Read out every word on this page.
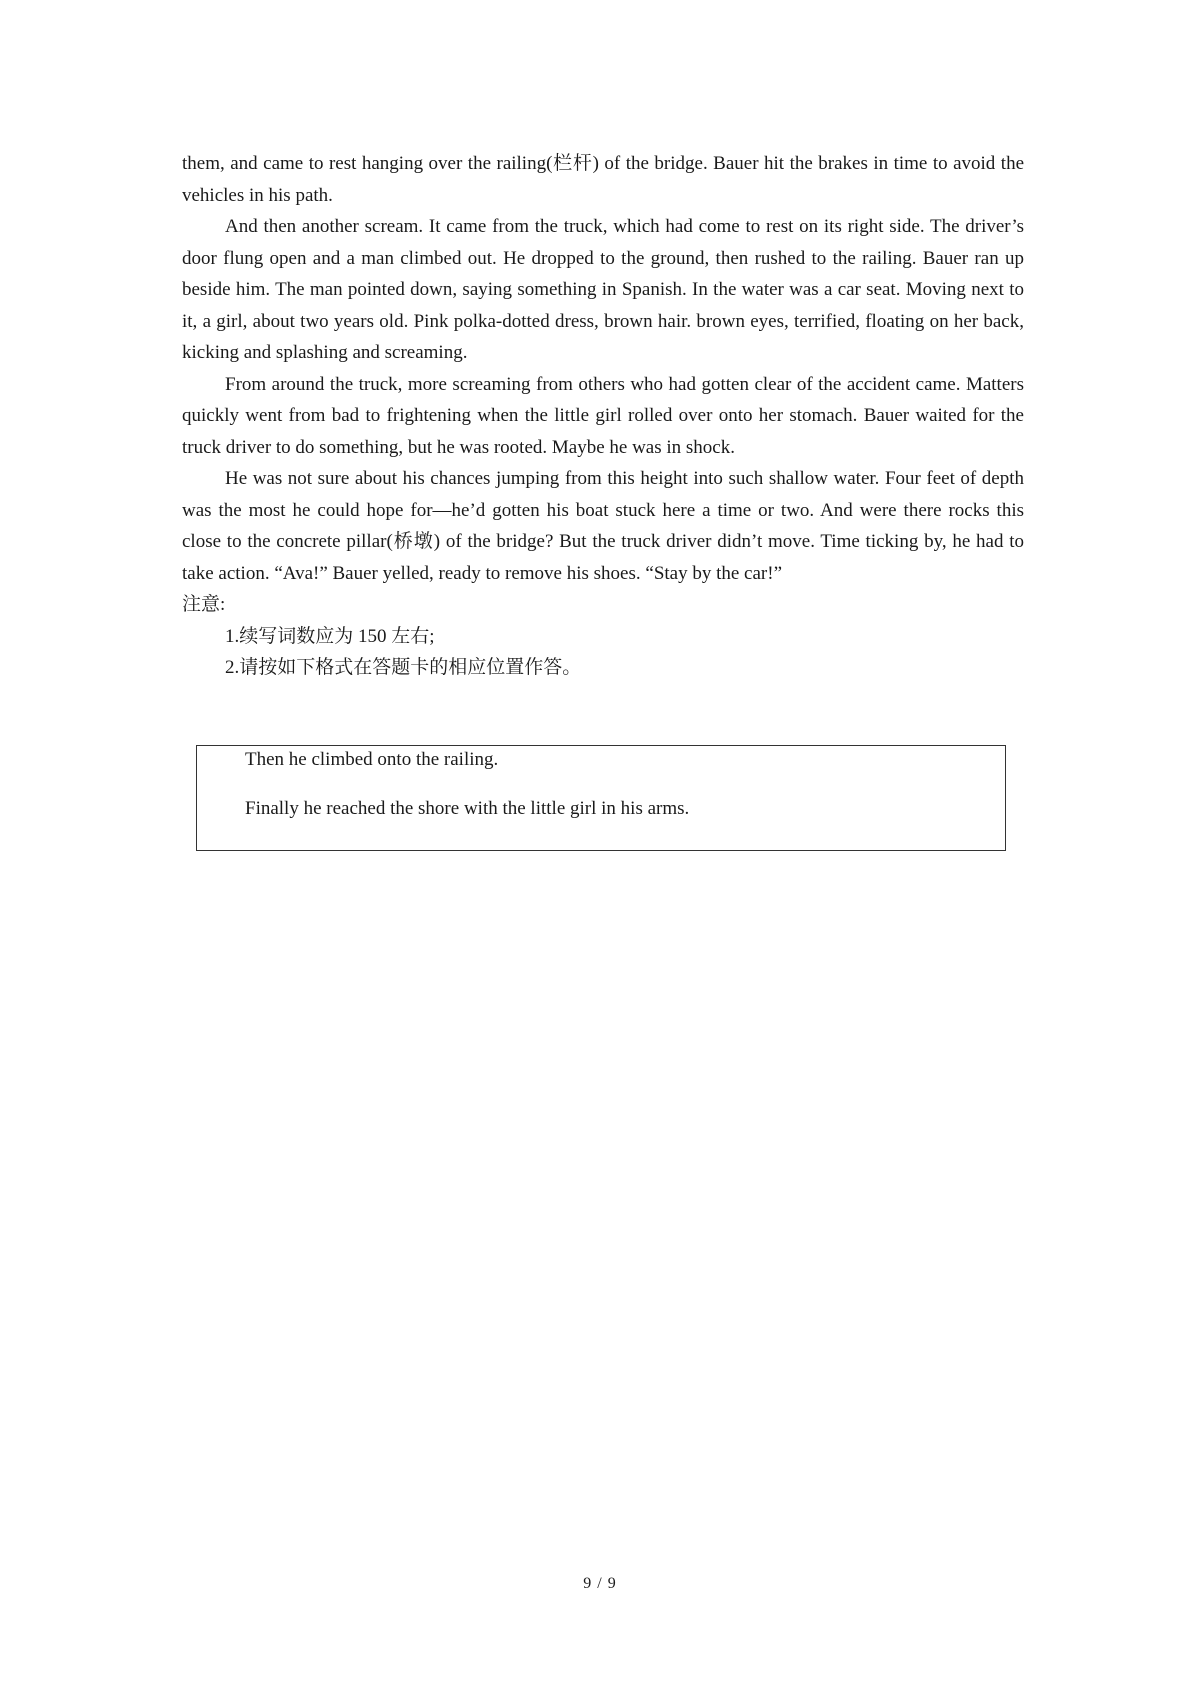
them, and came to rest hanging over the railing(栏杆) of the bridge. Bauer hit the brakes in time to avoid the vehicles in his path.

And then another scream. It came from the truck, which had come to rest on its right side. The driver’s door flung open and a man climbed out. He dropped to the ground, then rushed to the railing. Bauer ran up beside him. The man pointed down, saying something in Spanish. In the water was a car seat. Moving next to it, a girl, about two years old. Pink polka-dotted dress, brown hair. brown eyes, terrified, floating on her back, kicking and splashing and screaming.

From around the truck, more screaming from others who had gotten clear of the accident came. Matters quickly went from bad to frightening when the little girl rolled over onto her stomach. Bauer waited for the truck driver to do something, but he was rooted. Maybe he was in shock.

He was not sure about his chances jumping from this height into such shallow water. Four feet of depth was the most he could hope for—he’d gotten his boat stuck here a time or two. And were there rocks this close to the concrete pillar(桥墩) of the bridge? But the truck driver didn’t move. Time ticking by, he had to take action. “Ava!” Bauer yelled, ready to remove his shoes. “Stay by the car!”

注意:

1.续写词数应为 150 左右;

2.请按如下格式在答题卡的相应位置作答。

Then he climbed onto the railing.
Finally he reached the shore with the little girl in his arms.
9 / 9
